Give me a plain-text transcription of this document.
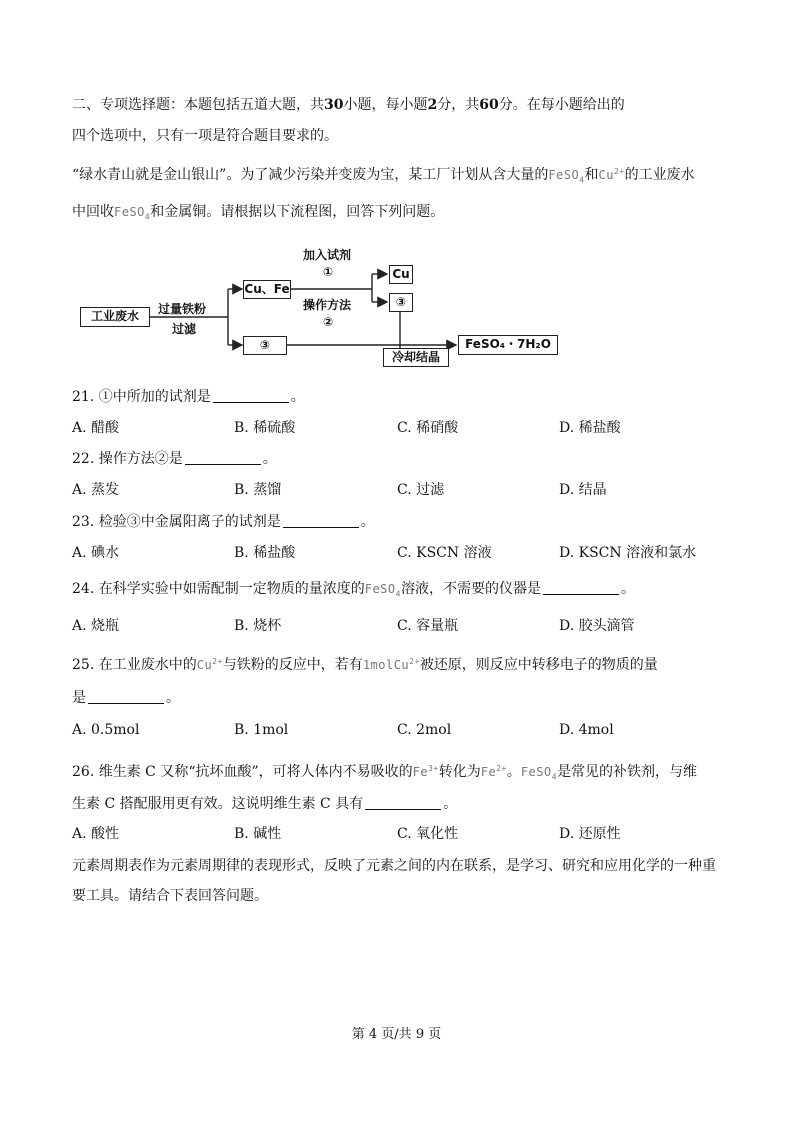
二、专项选择题：本题包括五道大题，共30小题，每小题2分，共60分。在每小题给出的
四个选项中，只有一项是符合题目要求的。
“绿水青山就是金山银山”。为了减少污染并变废为宝，某工厂计划从含大量的FeSO$_4$和$Cu^{2+}$的工业废水
中回收FeSO$_4$和金属铜。请根据以下流程图，回答下列问题。
工业废水	过量铁粉
过滤
Cu、Fe
加入试剂
①
操作方法
②
Cu
③
③
冷却结晶
FeSO₄・7H₂O
21. ①中所加的试剂是	。
A. 醋酸	B. 稀硫酸	C. 稀硝酸	D. 稀盐酸
22. 操作方法②是	。
A. 蒸发	B. 蒸馏	C. 过滤	D. 结晶
23. 检验③中金属阳离子的试剂是	。
A. 碘水	B. 稀盐酸	C. KSCN 溶液	D. KSCN 溶液和氯水
24. 在科学实验中如需配制一定物质的量浓度的FeSO$_4$溶液，不需要的仪器是	。
A. 烧瓶	B. 烧杯	C. 容量瓶	D. 胶头滴管
25. 在工业废水中的$Cu^{2+}$与铁粉的反应中，若有1molCu$^{2+}$被还原，则反应中转移电子的物质的量
是	。
A. 0.5mol	B. 1mol	C. 2mol	D. 4mol
26. 维生素 C 又称“抗坏血酸”，可将人体内不易吸收的$Fe^{3+}$转化为$Fe^{2+}$。FeSO$_4$是常见的补铁剂，与维
生素 C 搭配服用更有效。这说明维生素 C 具有	。
A. 酸性	B. 碱性	C. 氧化性	D. 还原性
元素周期表作为元素周期律的表现形式，反映了元素之间的内在联系，是学习、研究和应用化学的一种重
要工具。请结合下表回答问题。
第 4 页/共 9 页
